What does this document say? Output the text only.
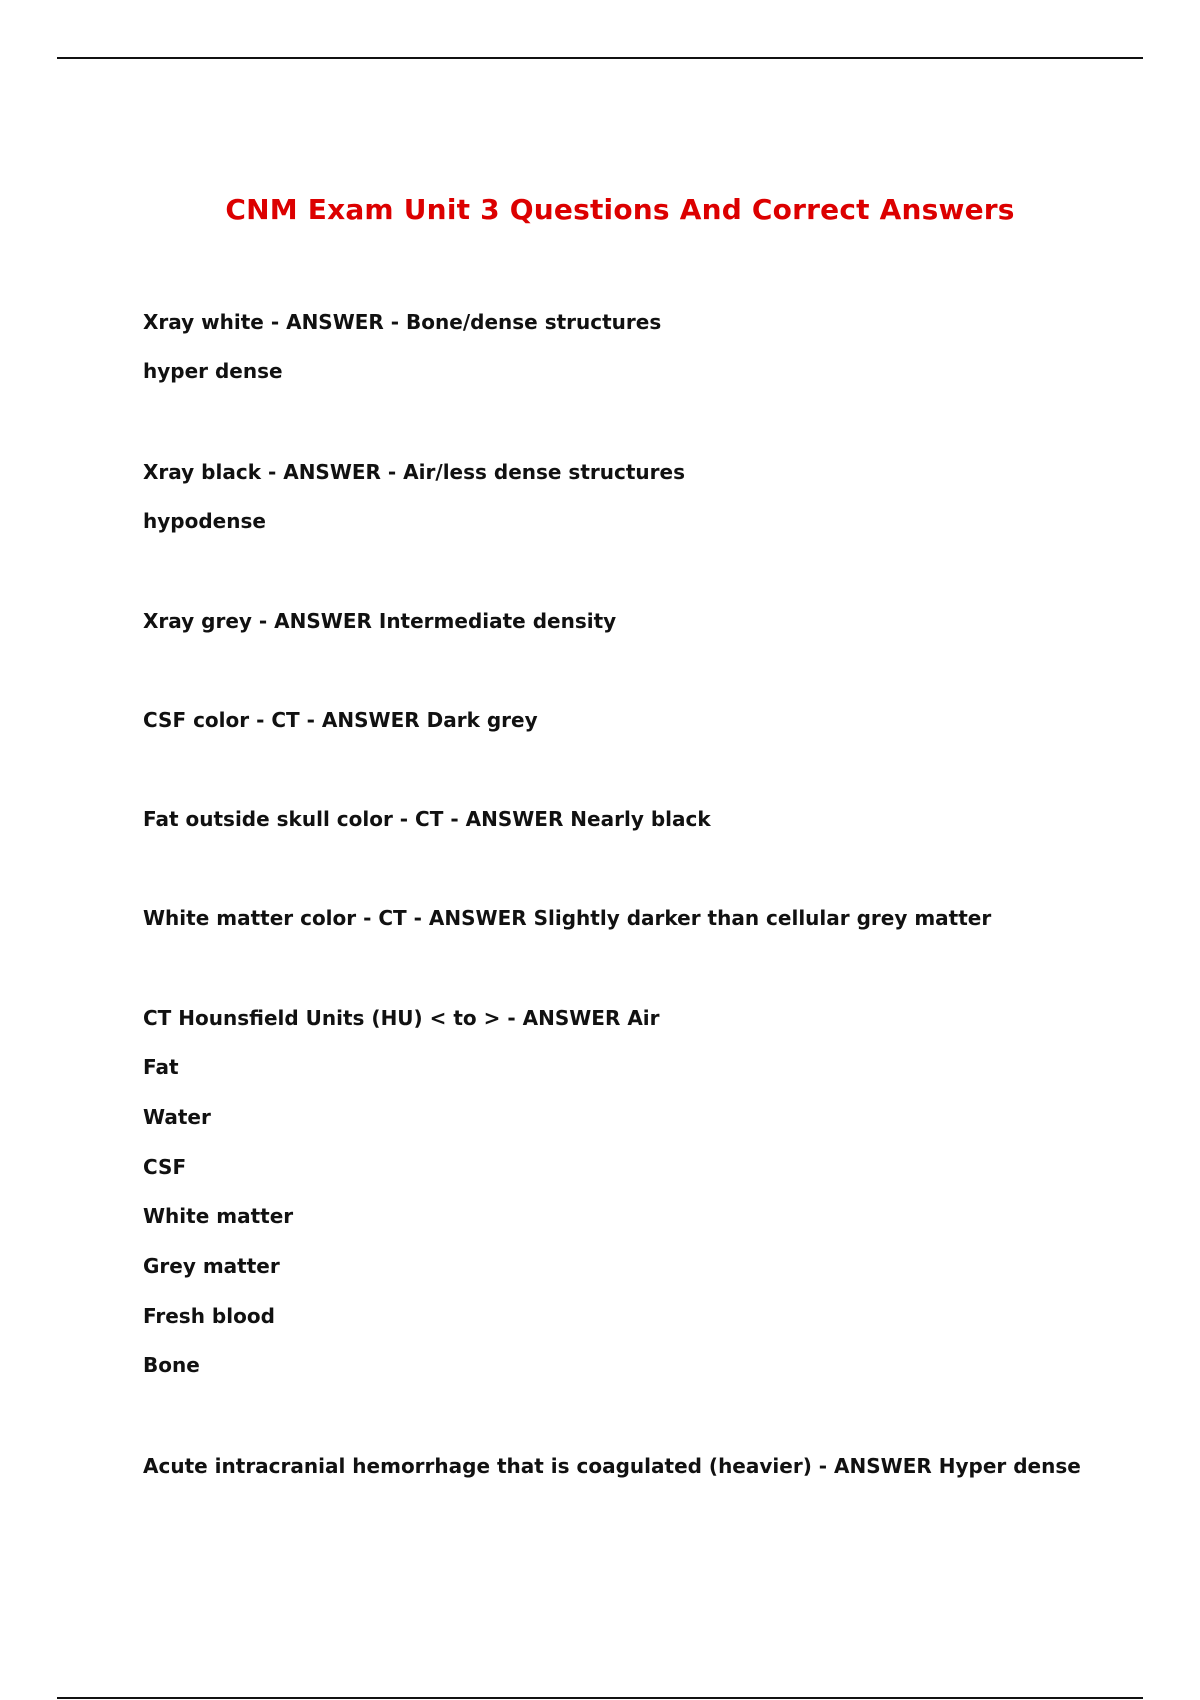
CNM Exam Unit 3 Questions And Correct Answers
Xray white - ANSWER - Bone/dense structures
hyper dense
Xray black - ANSWER - Air/less dense structures
hypodense
Xray grey - ANSWER Intermediate density
CSF color - CT - ANSWER Dark grey
Fat outside skull color - CT - ANSWER Nearly black
White matter color - CT - ANSWER Slightly darker than cellular grey matter
CT Hounsfield Units (HU) < to > - ANSWER Air
Fat
Water
CSF
White matter
Grey matter
Fresh blood
Bone
Acute intracranial hemorrhage that is coagulated (heavier) - ANSWER Hyper dense
